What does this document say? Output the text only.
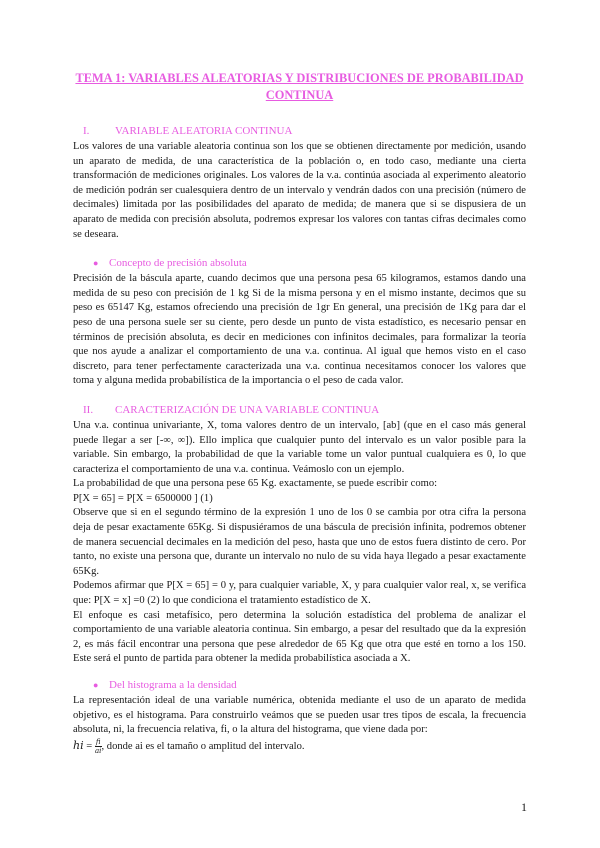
TEMA 1: VARIABLES ALEATORIAS Y DISTRIBUCIONES DE PROBABILIDAD CONTINUA
I.	VARIABLE ALEATORIA CONTINUA

Los valores de una variable aleatoria continua son los que se obtienen directamente por medición, usando un aparato de medida, de una característica de la población o, en todo caso, mediante una cierta transformación de mediciones originales. Los valores de la v.a. continúa asociada al experimento aleatorio de medición podrán ser cualesquiera dentro de un intervalo y vendrán dados con una precisión (número de decimales) limitada por las posibilidades del aparato de medida; de manera que si se dispusiera de un aparato de medida con precisión absoluta, podremos expresar los valores con tantas cifras decimales como se desearа.

● Concepto de precisión absoluta

Precisión de la báscula aparte, cuando decimos que una persona pesa 65 kilogramos, estamos dando una medida de su peso con precisión de 1 kg Si de la misma persona y en el mismo instante, decimos que su peso es 65147 Kg, estamos ofreciendo una precisión de 1gr En general, una precisión de 1Kg para dar el peso de una persona suele ser su ciente, pero desde un punto de vista estadístico, es necesario pensar en términos de precisión absoluta, es decir en mediciones con infinitos decimales, para formalizar la teoría que nos ayude a analizar el comportamiento de una v.a. continua. Al igual que hemos visto en el caso discreto, para tener perfectamente caracterizada una v.a. continua necesitamos conocer los valores que toma y alguna medida probabilística de la importancia o el peso de cada valor.

II.	CARACTERIZACIÓN DE UNA VARIABLE CONTINUA

Una v.a. continua univariante, X, toma valores dentro de un intervalo, [ab] (que en el caso más general puede llegar a ser [-∞, ∞]). Ello implica que cualquier punto del intervalo es un valor posible para la variable. Sin embargo, la probabilidad de que la variable tome un valor puntual cualquiera es 0, lo que caracteriza el comportamiento de una v.a. continua. Veámoslo con un ejemplo.

La probabilidad de que una persona pese 65 Kg. exactamente, se puede escribir como:

P[X = 65] = P[X = 6500000 ] (1)

Observe que si en el segundo término de la expresión 1 uno de los 0 se cambia por otra cifra la persona deja de pesar exactamente 65Kg. Si dispusiéramos de una báscula de precisión infinita, podremos obtener de manera secuencial decimales en la medición del peso, hasta que uno de estos fuera distinto de cero. Por tanto, no existe una persona que, durante un intervalo no nulo de su vida haya llegado a pesar exactamente 65Kg.

Podemos afirmar que P[X = 65] = 0 y, para cualquier variable, X, y para cualquier valor real, x, se verifica que: P[X = x] =0 (2) lo que condiciona el tratamiento estadístico de X.

El enfoque es casi metafísico, pero determina la solución estadística del problema de analizar el comportamiento de una variable aleatoria continua. Sin embargo, a pesar del resultado que da la expresión 2, es más fácil encontrar una persona que pese alrededor de 65 Kg que otra que esté en torno a los 150. Este será el punto de partida para obtener la medida probabilística asociada a X.

● Del histograma a la densidad

La representación ideal de una variable numérica, obtenida mediante el uso de un aparato de medida objetivo, es el histograma. Para construirlo veámos que se pueden usar tres tipos de escala, la frecuencia absoluta, ni, la frecuencia relativa, fi, o la altura del histograma, que viene dada por:
hi = $\frac{fi}{ai}$ , donde ai es el tamaño o amplitud del intervalo.

1
